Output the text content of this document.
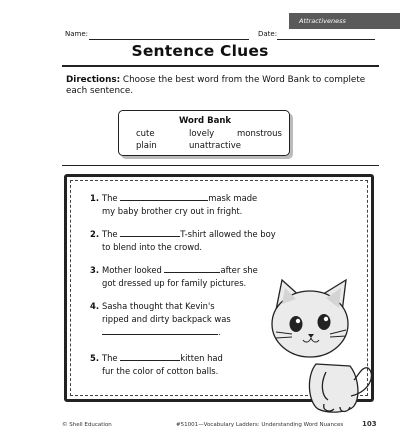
Attractiveness
Name:	Date:
Sentence Clues
Directions: Choose the best word from the Word Bank to complete each sentence.
Word Bank
cute	lovely	monstrous
plain	unattractive
1. The	mask made
my baby brother cry out in fright.
2. The	T-shirt allowed the boy
to blend into the crowd.
3. Mother looked	after she
got dressed up for family pictures.
4. Sasha thought that Kevin's
ripped and dirty backpack was
.
5. The	kitten had
fur the color of cotton balls.
© Shell Education	#51001—Vocabulary Ladders: Understanding Word Nuances	103
